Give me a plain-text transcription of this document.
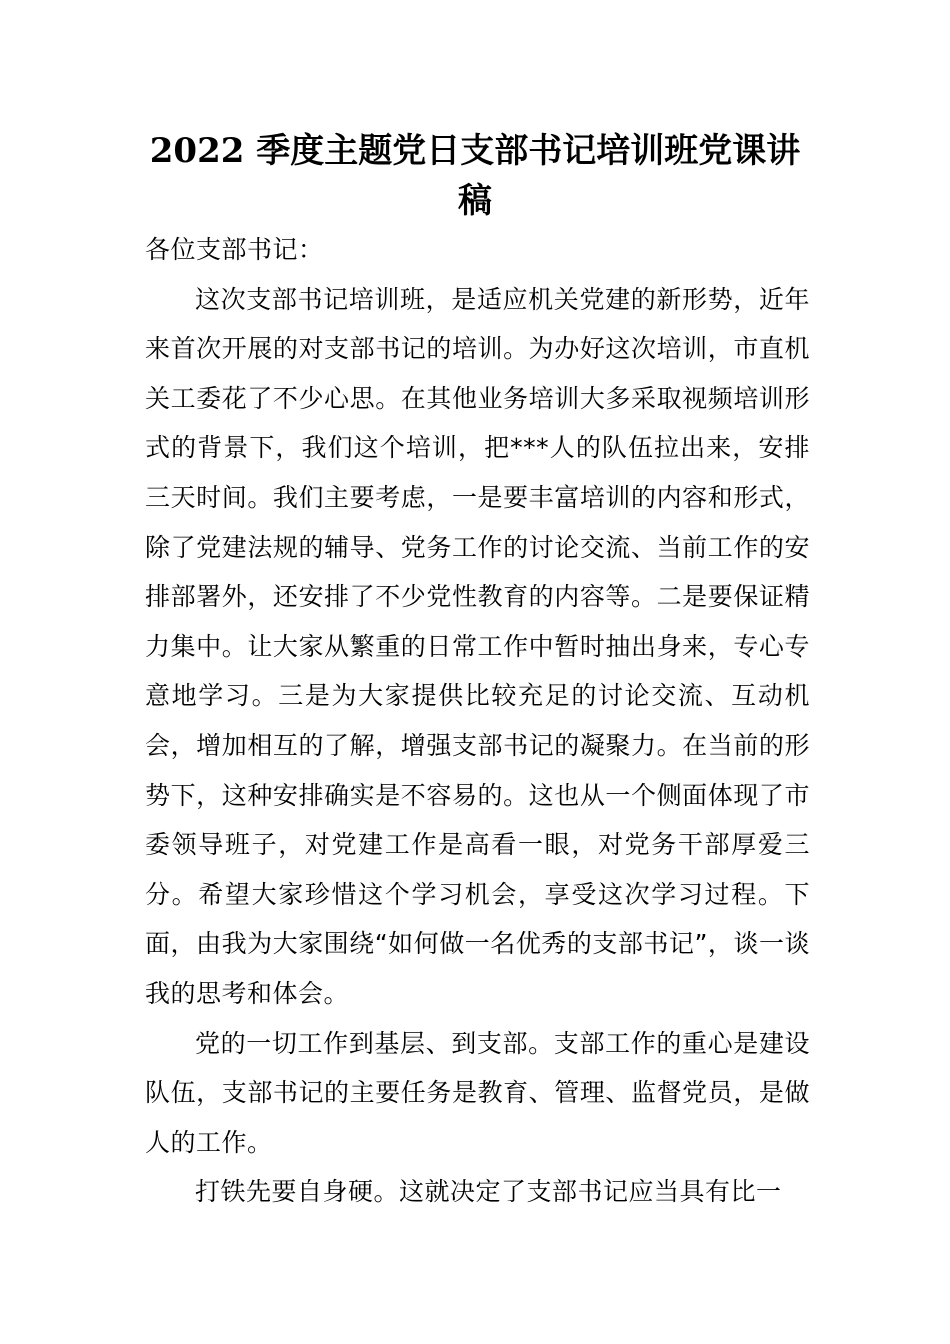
2022 季度主题党日支部书记培训班党课讲
稿

各位支部书记：

这次支部书记培训班，是适应机关党建的新形势，近年来首次开展的对支部书记的培训。为办好这次培训，市直机关工委花了不少心思。在其他业务培训大多采取视频培训形式的背景下，我们这个培训，把***人的队伍拉出来，安排三天时间。我们主要考虑，一是要丰富培训的内容和形式，除了党建法规的辅导、党务工作的讨论交流、当前工作的安排部署外，还安排了不少党性教育的内容等。二是要保证精力集中。让大家从繁重的日常工作中暂时抽出身来，专心专意地学习。三是为大家提供比较充足的讨论交流、互动机会，增加相互的了解，增强支部书记的凝聚力。在当前的形势下，这种安排确实是不容易的。这也从一个侧面体现了市委领导班子，对党建工作是高看一眼，对党务干部厚爱三分。希望大家珍惜这个学习机会，享受这次学习过程。下面，由我为大家围绕“如何做一名优秀的支部书记”，谈一谈我的思考和体会。

党的一切工作到基层、到支部。支部工作的重心是建设队伍，支部书记的主要任务是教育、管理、监督党员，是做人的工作。

打铁先要自身硬。这就决定了支部书记应当具有比一
